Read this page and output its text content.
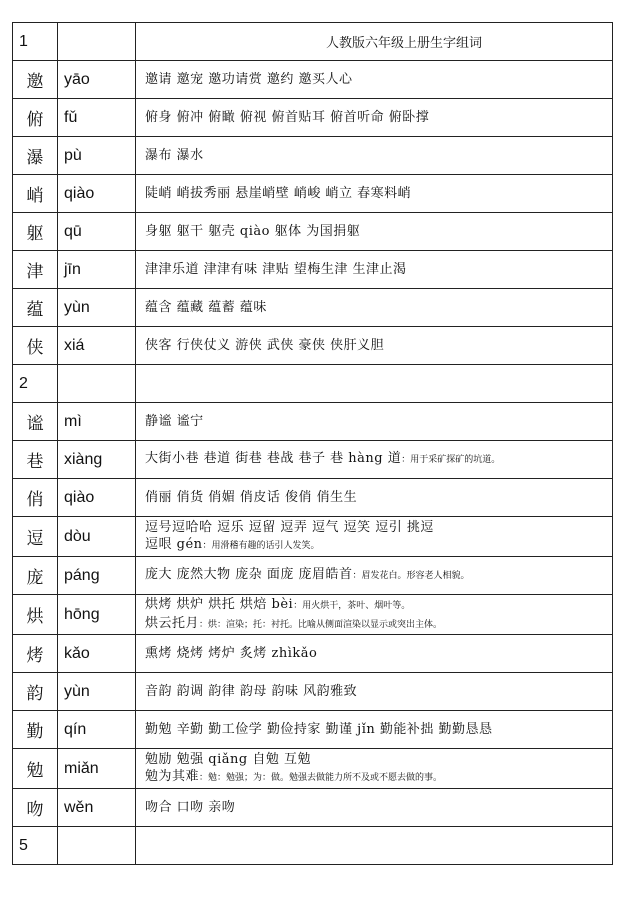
1		人教版六年级上册生字组词
邀	yāo	邀请 邀宠 邀功请赏 邀约 邀买人心

俯	fǔ	俯身 俯冲 俯瞰 俯视 俯首贴耳 俯首听命 俯卧撑

瀑	pù	瀑布 瀑水

峭	qiào	陡峭 峭拔秀丽 悬崖峭壁 峭峻 峭立 春寒料峭

躯	qū	身躯 躯干 躯壳 qiào 躯体 为国捐躯

津	jīn	津津乐道 津津有味 津贴 望梅生津 生津止渴

蕴	yùn	蕴含 蕴藏 蕴蓄 蕴味

侠	xiá	侠客 行侠仗义 游侠 武侠 豪侠 侠肝义胆

2		
谧	mì	静谧 谧宁

巷	xiàng	大街小巷 巷道 街巷 巷战 巷子 巷 hàng 道：用于采矿探矿的坑道。

俏	qiào	俏丽 俏货 俏媚 俏皮话 俊俏 俏生生

逗	dòu	逗号逗哈哈 逗乐 逗留 逗弄 逗气 逗笑 逗引 挑逗
逗哏 gén：用滑稽有趣的话引人发笑。

庞	páng	庞大 庞然大物 庞杂 面庞 庞眉皓首：眉发花白。形容老人相貌。

烘	hōng	烘烤 烘炉 烘托 烘焙 bèi：用火烘干，茶叶、烟叶等。
烘云托月：烘：渲染；托：衬托。比喻从侧面渲染以显示或突出主体。

烤	kǎo	熏烤 烧烤 烤炉 炙烤 zhìkǎo

韵	yùn	音韵 韵调 韵律 韵母 韵味 风韵雅致

勤	qín	勤勉 辛勤 勤工俭学 勤俭持家 勤谨 jǐn 勤能补拙 勤勤恳恳

勉	miǎn	勉励 勉强 qiǎng 自勉 互勉
勉为其难：勉：勉强；为：做。勉强去做能力所不及或不愿去做的事。

吻	wěn	吻合 口吻 亲吻

5		
